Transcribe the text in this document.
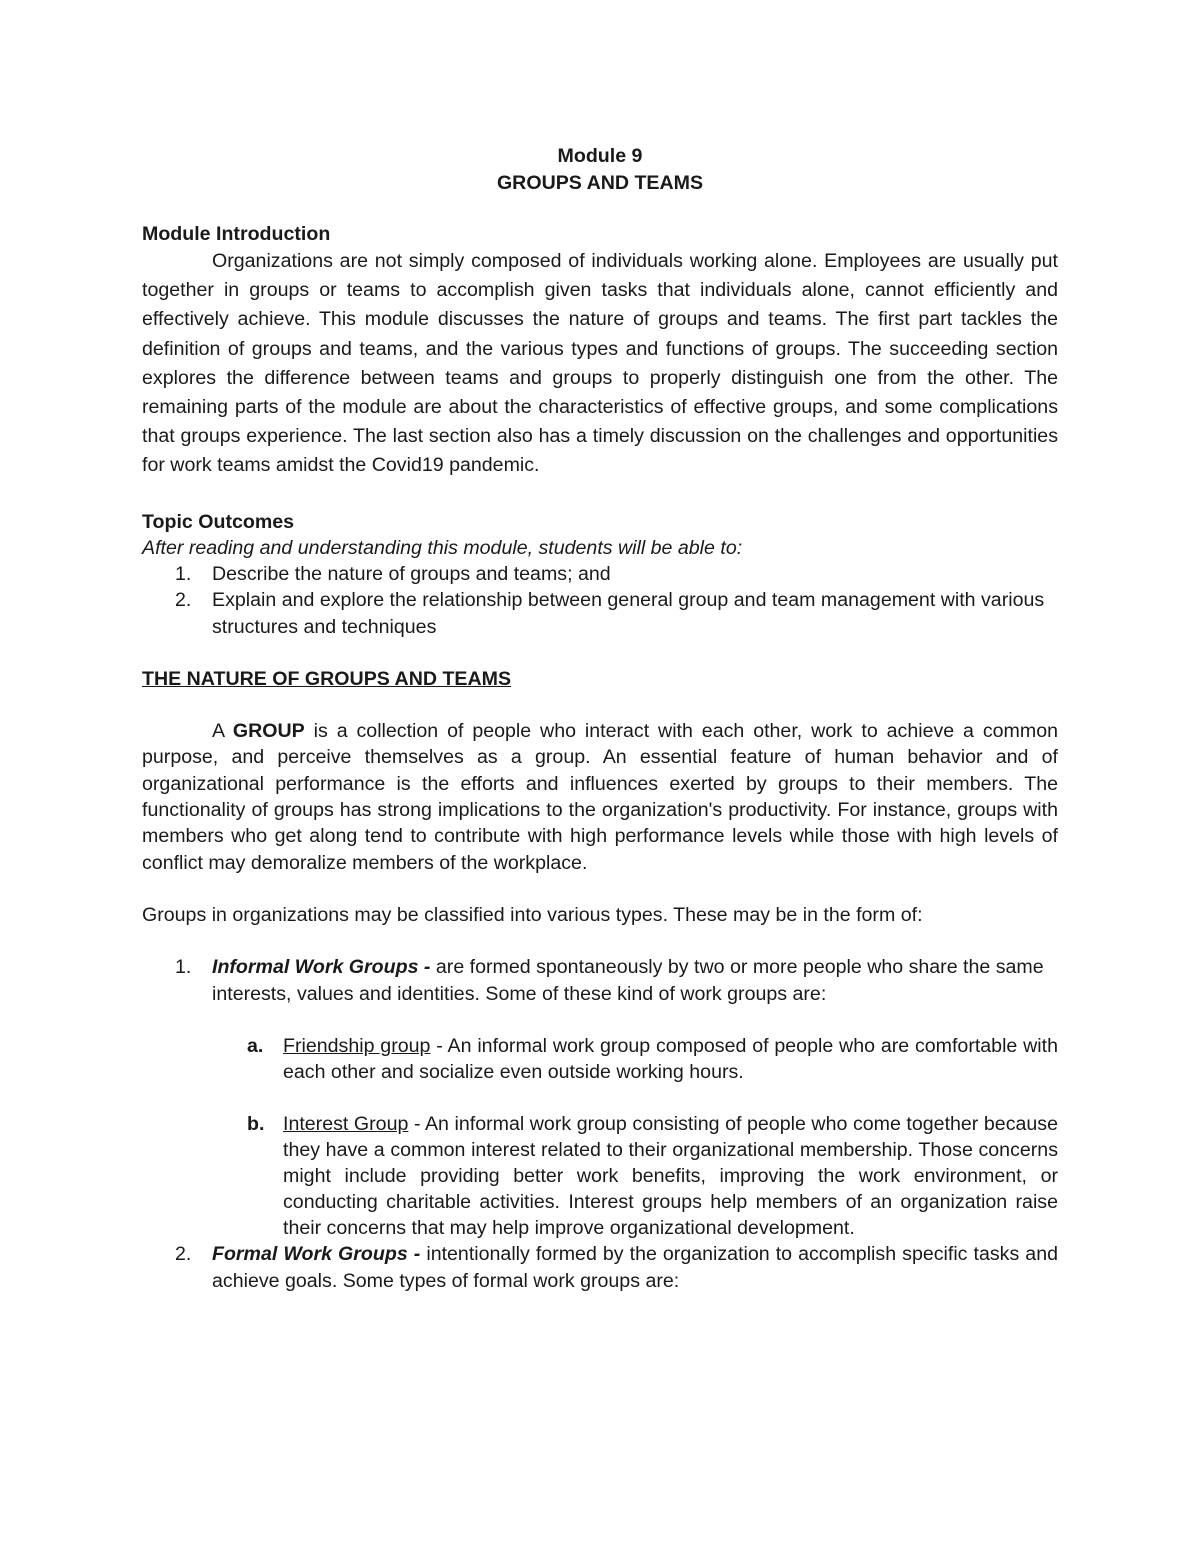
Module 9
GROUPS AND TEAMS
Module Introduction

Organizations are not simply composed of individuals working alone. Employees are usually put together in groups or teams to accomplish given tasks that individuals alone, cannot efficiently and effectively achieve. This module discusses the nature of groups and teams. The first part tackles the definition of groups and teams, and the various types and functions of groups. The succeeding section explores the difference between teams and groups to properly distinguish one from the other. The remaining parts of the module are about the characteristics of effective groups, and some complications that groups experience. The last section also has a timely discussion on the challenges and opportunities for work teams amidst the Covid19 pandemic.

Topic Outcomes
After reading and understanding this module, students will be able to:
1. Describe the nature of groups and teams; and
2. Explain and explore the relationship between general group and team management with various structures and techniques
THE NATURE OF GROUPS AND TEAMS

A GROUP is a collection of people who interact with each other, work to achieve a common purpose, and perceive themselves as a group. An essential feature of human behavior and of organizational performance is the efforts and influences exerted by groups to their members. The functionality of groups has strong implications to the organization's productivity. For instance, groups with members who get along tend to contribute with high performance levels while those with high levels of conflict may demoralize members of the workplace.

Groups in organizations may be classified into various types. These may be in the form of:

1. Informal Work Groups - are formed spontaneously by two or more people who share the same interests, values and identities. Some of these kind of work groups are:
a. Friendship group - An informal work group composed of people who are comfortable with each other and socialize even outside working hours.
b. Interest Group - An informal work group consisting of people who come together because they have a common interest related to their organizational membership. Those concerns might include providing better work benefits, improving the work environment, or conducting charitable activities. Interest groups help members of an organization raise their concerns that may help improve organizational development.
2. Formal Work Groups - intentionally formed by the organization to accomplish specific tasks and achieve goals. Some types of formal work groups are:
